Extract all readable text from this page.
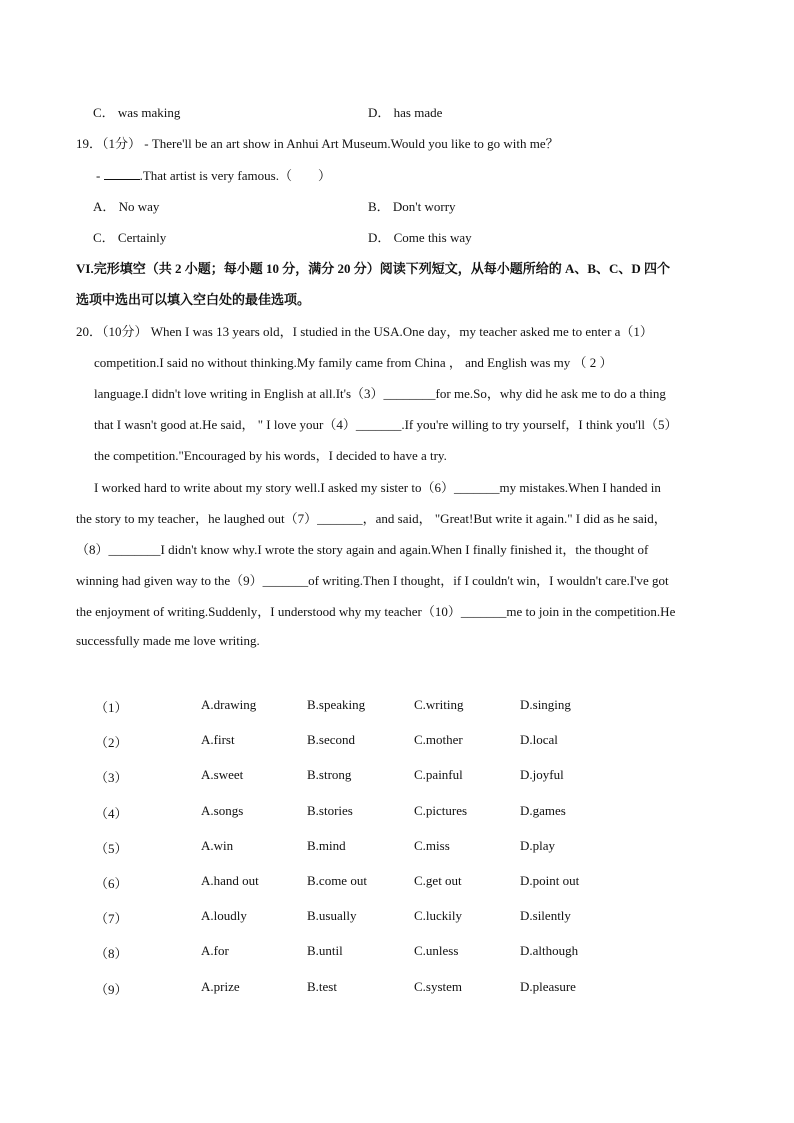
C． was making	D． has made
19．（1分） - There'll be an art show in Anhui Art Museum.Would you like to go with me？
-	.That artist is very famous.（　　）
A． No way	B． Don't worry
C． Certainly	D． Come this way
VI.完形填空（共 2 小题；每小题 10 分，满分 20 分）阅读下列短文，从每小题所给的 A、B、C、D 四个
选项中选出可以填入空白处的最佳选项。
20．（10分） When I was 13 years old，I studied in the USA.One day，my teacher asked me to enter a（1）
competition.I said no without thinking.My family came from China ， and English was my （ 2 ）
language.I didn't love writing in English at all.It's（3）________for me.So，why did he ask me to do a thing
that I wasn't good at.He said， " I love your（4）_______.If you're willing to try yourself，I think you'll（5）
the competition."Encouraged by his words，I decided to have a try.
I worked hard to write about my story well.I asked my sister to（6）_______my mistakes.When I handed in
the story to my teacher，he laughed out（7）_______，and said， "Great!But write it again." I did as he said，
（8）________I didn't know why.I wrote the story again and again.When I finally finished it，the thought of
winning had given way to the（9）_______of writing.Then I thought，if I couldn't win，I wouldn't care.I've got
the enjoyment of writing.Suddenly，I understood why my teacher（10）_______me to join in the competition.He
successfully made me love writing.
（1）	A.drawing	B.speaking	C.writing	D.singing
（2）	A.first	B.second	C.mother	D.local
（3）	A.sweet	B.strong	C.painful	D.joyful
（4）	A.songs	B.stories	C.pictures	D.games
（5）	A.win	B.mind	C.miss	D.play
（6）	A.hand out	B.come out	C.get out	D.point out
（7）	A.loudly	B.usually	C.luckily	D.silently
（8）	A.for	B.until	C.unless	D.although
（9）	A.prize	B.test	C.system	D.pleasure
